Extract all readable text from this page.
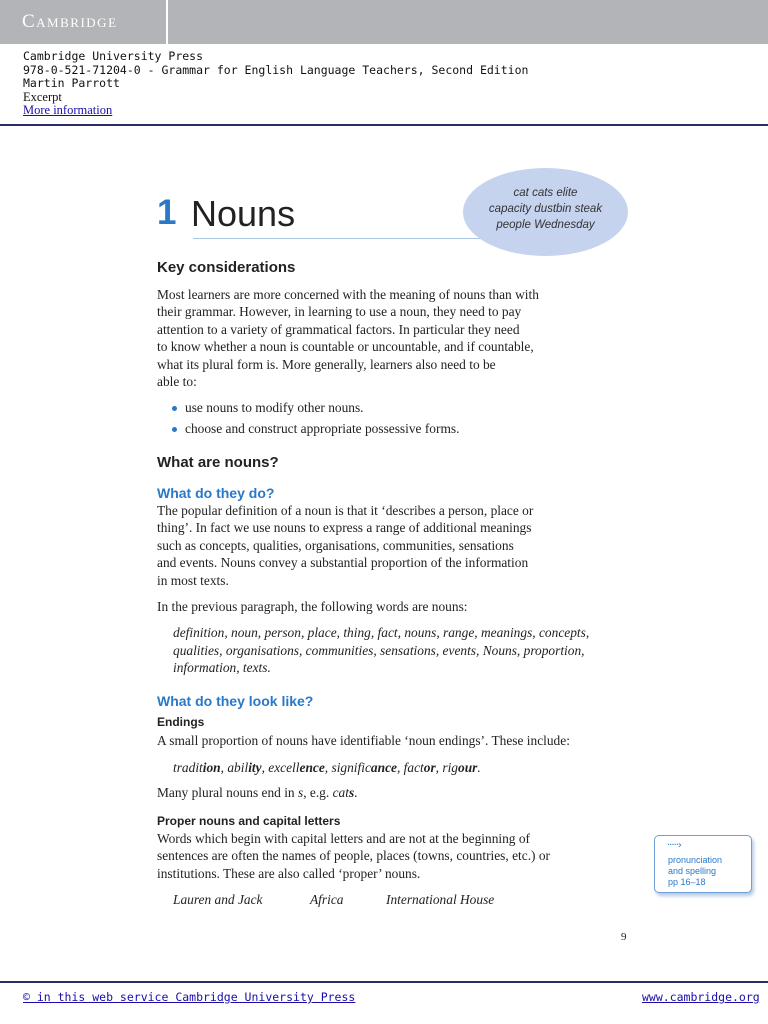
Cambridge
Cambridge University Press
978-0-521-71204-0 - Grammar for English Language Teachers, Second Edition
Martin Parrott
Excerpt
More information
1 Nouns	cat cats elite
capacity dustbin steak
people Wednesday
Key considerations
Most learners are more concerned with the meaning of nouns than with
their grammar. However, in learning to use a noun, they need to pay
attention to a variety of grammatical factors. In particular they need
to know whether a noun is countable or uncountable, and if countable,
what its plural form is. More generally, learners also need to be
able to:
use nouns to modify other nouns.
choose and construct appropriate possessive forms.
What are nouns?
What do they do?
The popular definition of a noun is that it ‘describes a person, place or
thing’. In fact we use nouns to express a range of additional meanings
such as concepts, qualities, organisations, communities, sensations
and events. Nouns convey a substantial proportion of the information
in most texts.
In the previous paragraph, the following words are nouns:
definition, noun, person, place, thing, fact, nouns, range, meanings, concepts,
qualities, organisations, communities, sensations, events, Nouns, proportion,
information, texts.
What do they look like?
Endings
A small proportion of nouns have identifiable ‘noun endings’. These include:
tradition, ability, excellence, significance, factor, rigour.
Many plural nouns end in s, e.g. cats.
Proper nouns and capital letters
Words which begin with capital letters and are not at the beginning of
sentences are often the names of people, places (towns, countries, etc.) or
institutions. These are also called ‘proper’ nouns.
Lauren and Jack	Africa	International House
·····›
pronunciation
and spelling
pp 16–18
9
© in this web service Cambridge University Press	www.cambridge.org
